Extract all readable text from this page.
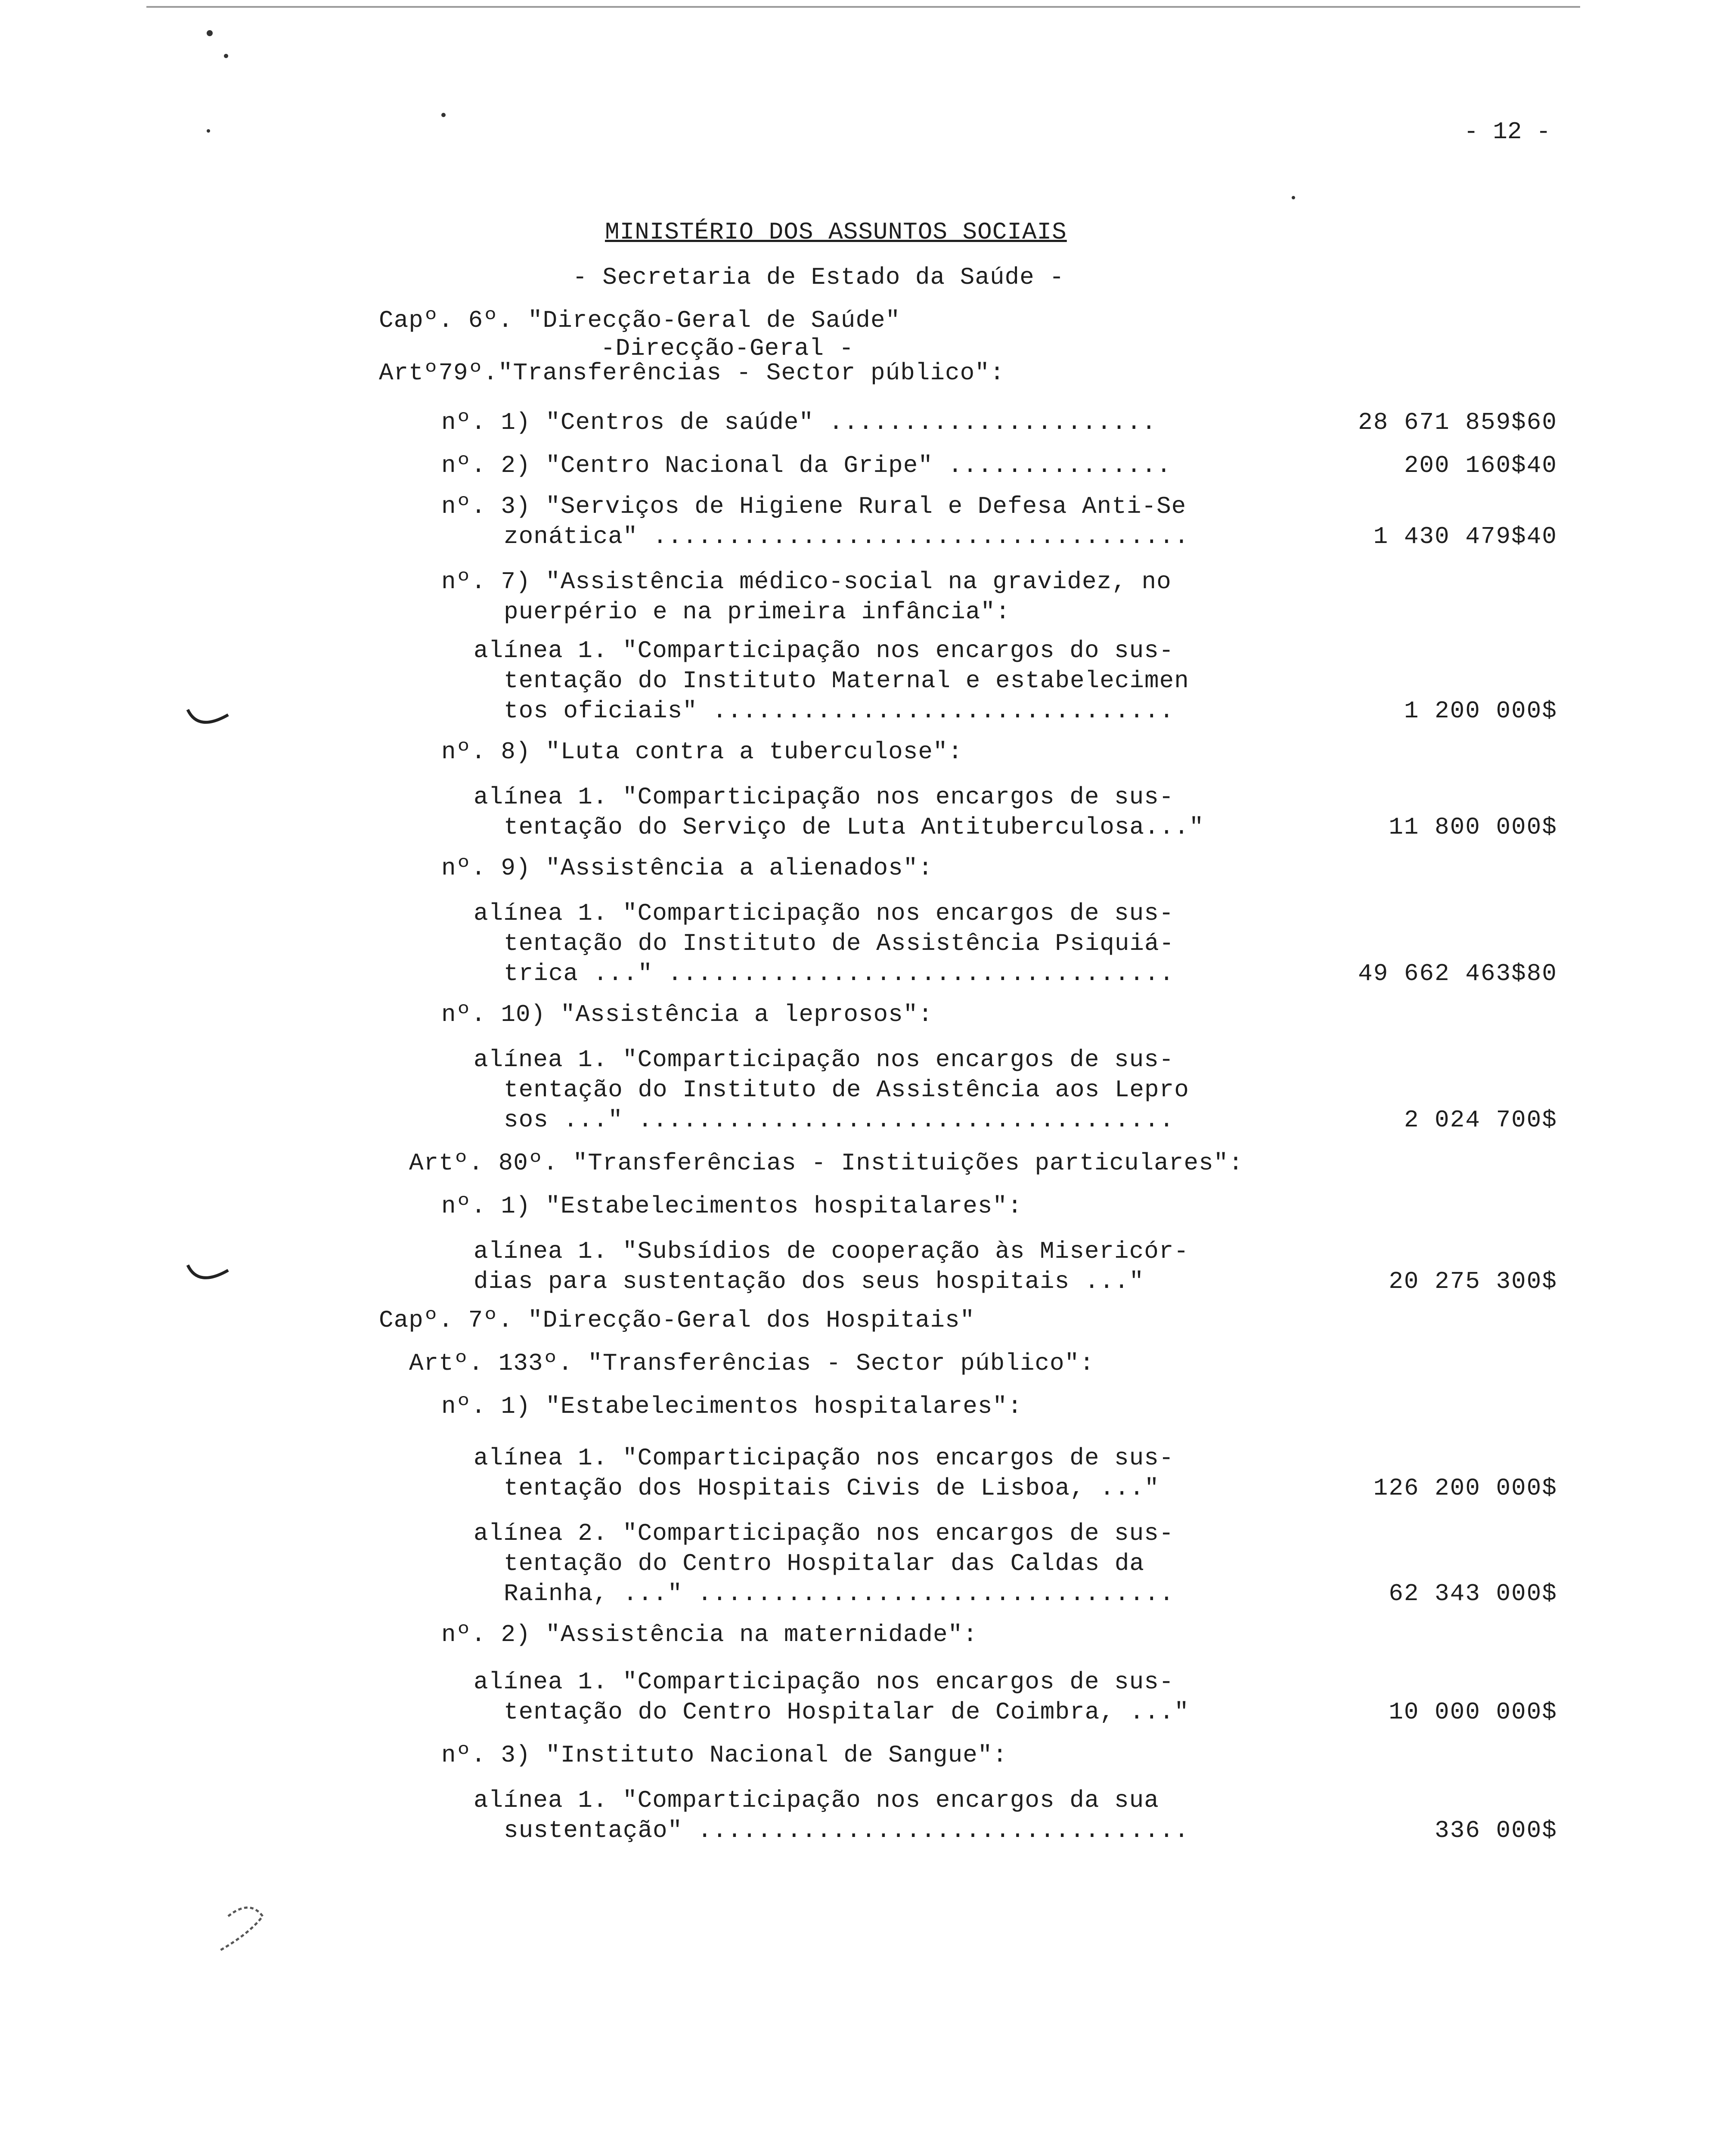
- 12 -
MINISTÉRIO DOS ASSUNTOS SOCIAIS
- Secretaria de Estado da Saúde -
Capº. 6º. "Direcção-Geral de Saúde"
-Direcção-Geral -
Artº79º."Transferências - Sector público":
nº. 1) "Centros de saúde" ......................	28 671 859$60
nº. 2) "Centro Nacional da Gripe" ...............	200 160$40
nº. 3) "Serviços de Higiene Rural e Defesa Anti-Se
zonática" ....................................	1 430 479$40
nº. 7) "Assistência médico-social na gravidez, no
puerpério e na primeira infância":
alínea 1. "Comparticipação nos encargos do sus-
tentação do Instituto Maternal e estabelecimen
tos oficiais" ...............................	1 200 000$
nº. 8) "Luta contra a tuberculose":
alínea 1. "Comparticipação nos encargos de sus-
tentação do Serviço de Luta Antituberculosa..."	11 800 000$
nº. 9) "Assistência a alienados":
alínea 1. "Comparticipação nos encargos de sus-
tentação do Instituto de Assistência Psiquiá-
trica ..." ..................................	49 662 463$80
nº. 10) "Assistência a leprosos":
alínea 1. "Comparticipação nos encargos de sus-
tentação do Instituto de Assistência aos Lepro
sos ..." ....................................	2 024 700$
Artº. 80º. "Transferências - Instituições particulares":
nº. 1) "Estabelecimentos hospitalares":
alínea 1. "Subsídios de cooperação às Misericór-
dias para sustentação dos seus hospitais ..."	20 275 300$
Capº. 7º. "Direcção-Geral dos Hospitais"
Artº. 133º. "Transferências - Sector público":
nº. 1) "Estabelecimentos hospitalares":
alínea 1. "Comparticipação nos encargos de sus-
tentação dos Hospitais Civis de Lisboa, ..."	126 200 000$
alínea 2. "Comparticipação nos encargos de sus-
tentação do Centro Hospitalar das Caldas da
Rainha, ..." ................................	62 343 000$
nº. 2) "Assistência na maternidade":
alínea 1. "Comparticipação nos encargos de sus-
tentação do Centro Hospitalar de Coimbra, ..."	10 000 000$
nº. 3) "Instituto Nacional de Sangue":
alínea 1. "Comparticipação nos encargos da sua
sustentação" .................................	336 000$
